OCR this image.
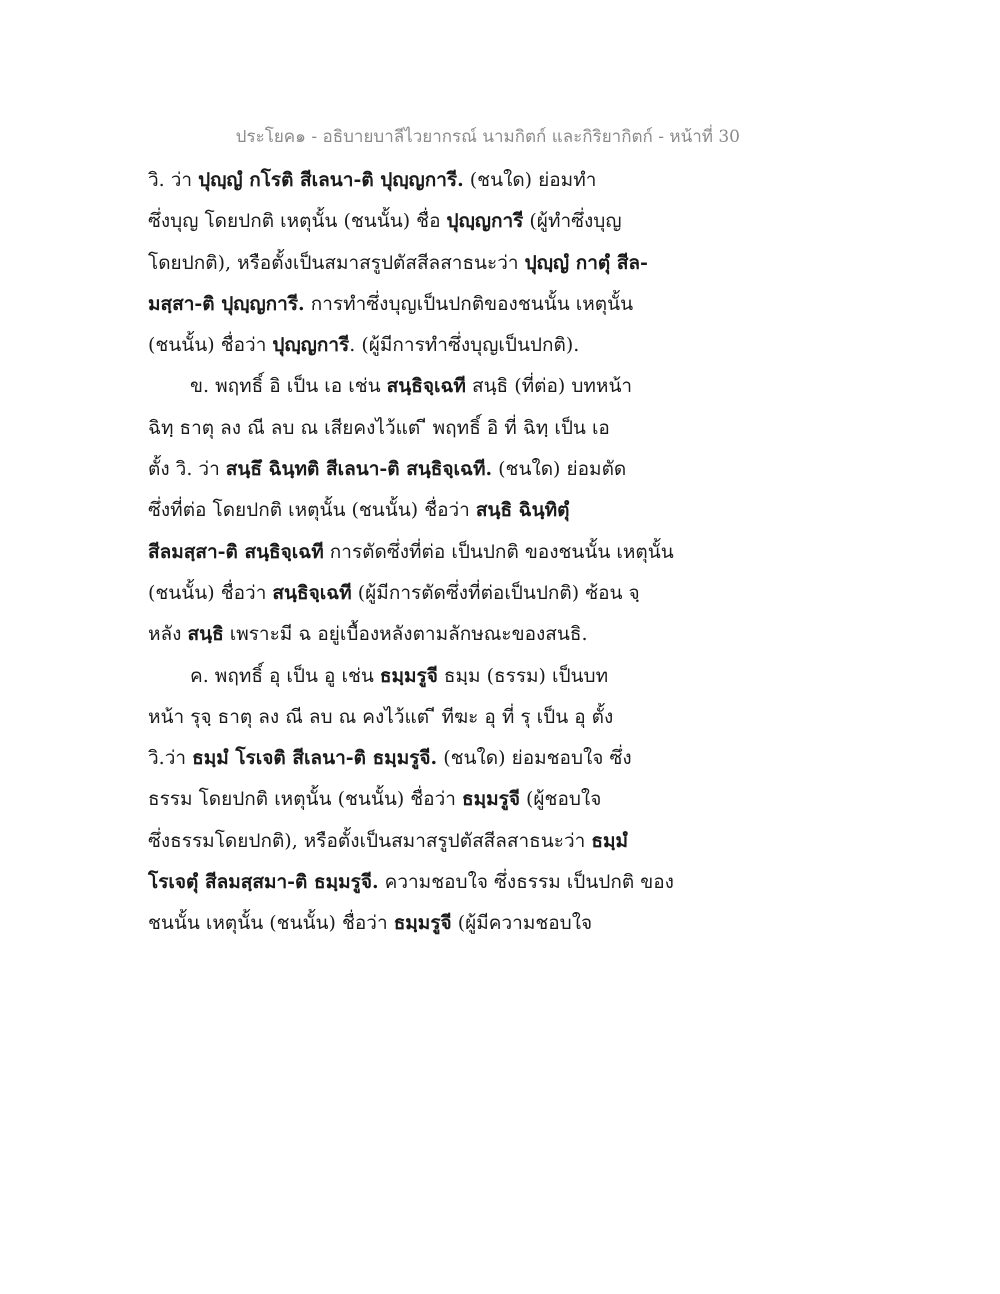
ประโยค๑ - อธิบายบาลีไวยากรณ์ นามกิตก์ และกิริยากิตก์ - หน้าที่ 30
วิ. ว่า ปุญฺญํ กโรติ สีเลนา-ติ ปุญฺญการี. (ชนใด) ย่อมทำ
ซึ่งบุญ โดยปกติ เหตุนั้น (ชนนั้น) ชื่อ ปุญฺญการี (ผู้ทำซึ่งบุญ
โดยปกติ), หรือตั้งเป็นสมาสรูปตัสสีลสาธนะว่า ปุญฺญํ กาตุํ สีล-
มสฺสา-ติ ปุญฺญการี. การทำซึ่งบุญเป็นปกติของชนนั้น เหตุนั้น
(ชนนั้น) ชื่อว่า ปุญฺญการี. (ผู้มีการทำซึ่งบุญเป็นปกติ).
ข. พฤทธิ์ อิ เป็น เอ เช่น สนฺธิจฺเฉที สนฺธิ (ที่ต่อ) บทหน้า
ฉิทฺ ธาตุ ลง ณี ลบ ณ เสียคงไว้แต่ ี พฤทธิ์ อิ ที่ ฉิทฺ เป็น เอ
ตั้ง วิ. ว่า สนฺธึ ฉินฺทติ สีเลนา-ติ สนฺธิจฺเฉที. (ชนใด) ย่อมตัด
ซึ่งที่ต่อ โดยปกติ เหตุนั้น (ชนนั้น) ชื่อว่า สนฺธิ ฉินฺทิตุํ
สีลมสฺสา-ติ สนฺธิจฺเฉที การตัดซึ่งที่ต่อ เป็นปกติ ของชนนั้น เหตุนั้น
(ชนนั้น) ชื่อว่า สนฺธิจฺเฉที (ผู้มีการตัดซึ่งที่ต่อเป็นปกติ) ซ้อน จฺ
หลัง สนฺธิ เพราะมี ฉ อยู่เบื้องหลังตามลักษณะของสนธิ.
ค. พฤทธิ์ อุ เป็น อู เช่น ธมฺมรูจี ธมฺม (ธรรม) เป็นบท
หน้า รุจฺ ธาตุ ลง ณี ลบ ณ คงไว้แต่ ี ทีฆะ อุ ที่ รุ เป็น อุ ตั้ง
วิ.ว่า ธมฺมํ โรเจติ สีเลนา-ติ ธมฺมรูจี. (ชนใด) ย่อมชอบใจ ซึ่ง
ธรรม โดยปกติ เหตุนั้น (ชนนั้น) ชื่อว่า ธมฺมรูจี (ผู้ชอบใจ
ซึ่งธรรมโดยปกติ), หรือตั้งเป็นสมาสรูปตัสสีลสาธนะว่า ธมฺมํ
โรเจตุํ สีลมสฺสมา-ติ ธมฺมรูจี. ความชอบใจ ซึ่งธรรม เป็นปกติ ของ
ชนนั้น เหตุนั้น (ชนนั้น) ชื่อว่า ธมฺมรูจี (ผู้มีความชอบใจ
